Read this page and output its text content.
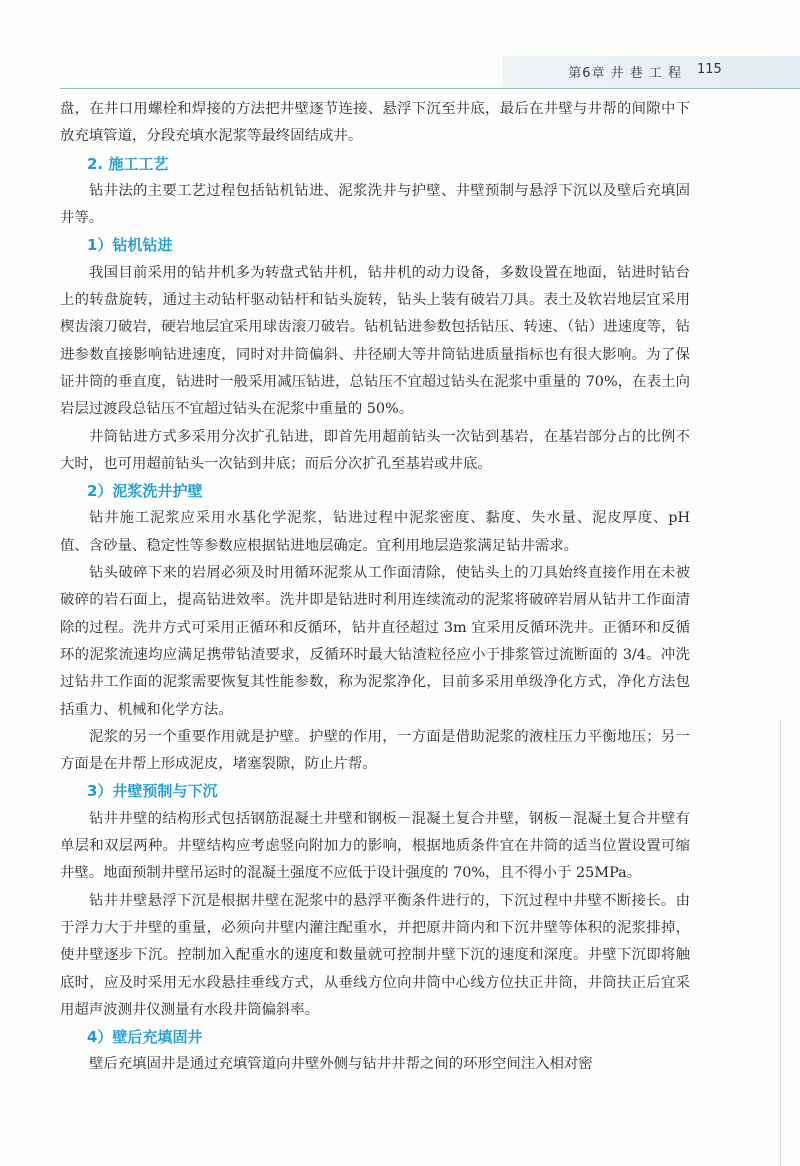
第6章 井 巷 工 程 115

盘，在井口用螺栓和焊接的方法把井壁逐节连接、悬浮下沉至井底，最后在井壁与井帮的间隙中下放充填管道，分段充填水泥浆等最终固结成井。

2. 施工工艺

钻井法的主要工艺过程包括钻机钻进、泥浆洗井与护壁、井壁预制与悬浮下沉以及壁后充填固井等。

1）钻机钻进

我国目前采用的钻井机多为转盘式钻井机，钻井机的动力设备，多数设置在地面，钻进时钻台上的转盘旋转，通过主动钻杆驱动钻杆和钻头旋转，钻头上装有破岩刀具。表土及软岩地层宜采用楔齿滚刀破岩，硬岩地层宜采用球齿滚刀破岩。钻机钻进参数包括钻压、转速、（钻）进速度等，钻进参数直接影响钻进速度，同时对井筒偏斜、井径刷大等井筒钻进质量指标也有很大影响。为了保证井筒的垂直度，钻进时一般采用减压钻进，总钻压不宜超过钻头在泥浆中重量的 70%，在表土向岩层过渡段总钻压不宜超过钻头在泥浆中重量的 50%。

井筒钻进方式多采用分次扩孔钻进，即首先用超前钻头一次钻到基岩，在基岩部分占的比例不大时，也可用超前钻头一次钻到井底；而后分次扩孔至基岩或井底。

2）泥浆洗井护壁

钻井施工泥浆应采用水基化学泥浆，钻进过程中泥浆密度、黏度、失水量、泥皮厚度、pH 值、含砂量、稳定性等参数应根据钻进地层确定。宜利用地层造浆满足钻井需求。

钻头破碎下来的岩屑必须及时用循环泥浆从工作面清除，使钻头上的刀具始终直接作用在未被破碎的岩石面上，提高钻进效率。洗井即是钻进时利用连续流动的泥浆将破碎岩屑从钻井工作面清除的过程。洗井方式可采用正循环和反循环，钻井直径超过 3m 宜采用反循环洗井。正循环和反循环的泥浆流速均应满足携带钻渣要求，反循环时最大钻渣粒径应小于排浆管过流断面的 3/4。冲洗过钻井工作面的泥浆需要恢复其性能参数，称为泥浆净化，目前多采用单级净化方式，净化方法包括重力、机械和化学方法。

泥浆的另一个重要作用就是护壁。护壁的作用，一方面是借助泥浆的液柱压力平衡地压；另一方面是在井帮上形成泥皮，堵塞裂隙，防止片帮。

3）井壁预制与下沉

钻井井壁的结构形式包括钢筋混凝土井壁和钢板－混凝土复合井壁，钢板－混凝土复合井壁有单层和双层两种。井壁结构应考虑竖向附加力的影响，根据地质条件宜在井筒的适当位置设置可缩井壁。地面预制井壁吊运时的混凝土强度不应低于设计强度的 70%，且不得小于 25MPa。

钻井井壁悬浮下沉是根据井壁在泥浆中的悬浮平衡条件进行的，下沉过程中井壁不断接长。由于浮力大于井壁的重量，必须向井壁内灌注配重水，并把原井筒内和下沉井壁等体积的泥浆排掉，使井壁逐步下沉。控制加入配重水的速度和数量就可控制井壁下沉的速度和深度。井壁下沉即将触底时，应及时采用无水段悬挂垂线方式，从垂线方位向井筒中心线方位扶正井筒，井筒扶正后宜采用超声波测井仪测量有水段井筒偏斜率。

4）壁后充填固井

壁后充填固井是通过充填管道向井壁外侧与钻井井帮之间的环形空间注入相对密
